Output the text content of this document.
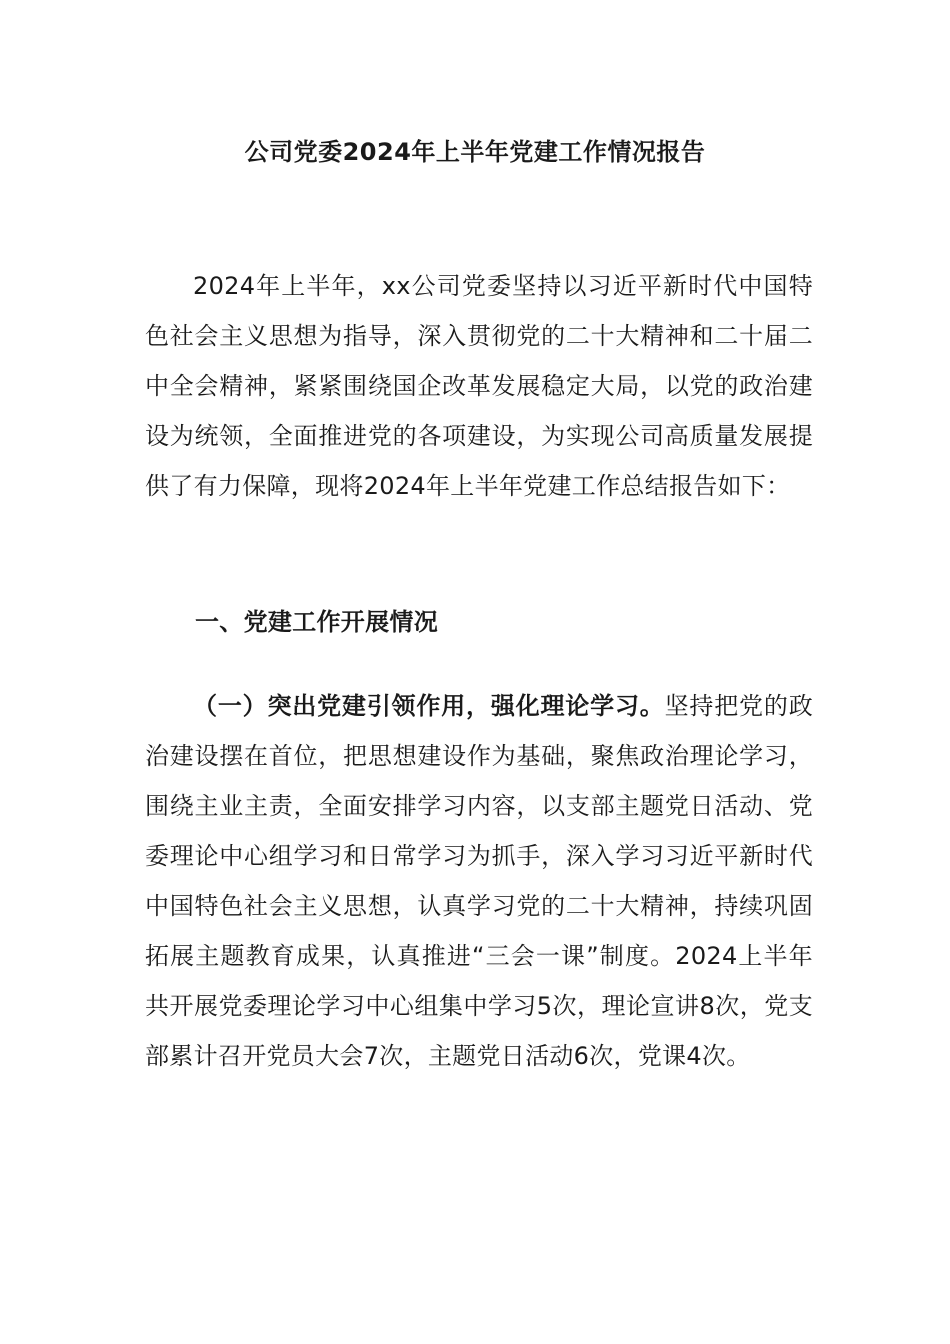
公司党委2024年上半年党建工作情况报告
2024年上半年，xx公司党委坚持以习近平新时代中国特色社会主义思想为指导，深入贯彻党的二十大精神和二十届二中全会精神，紧紧围绕国企改革发展稳定大局，以党的政治建设为统领，全面推进党的各项建设，为实现公司高质量发展提供了有力保障，现将2024年上半年党建工作总结报告如下：
一、党建工作开展情况
（一）突出党建引领作用，强化理论学习。坚持把党的政治建设摆在首位，把思想建设作为基础，聚焦政治理论学习，围绕主业主责，全面安排学习内容，以支部主题党日活动、党委理论中心组学习和日常学习为抓手，深入学习习近平新时代中国特色社会主义思想，认真学习党的二十大精神，持续巩固拓展主题教育成果，认真推进“三会一课”制度。2024上半年共开展党委理论学习中心组集中学习5次，理论宣讲8次，党支部累计召开党员大会7次，主题党日活动6次，党课4次。
